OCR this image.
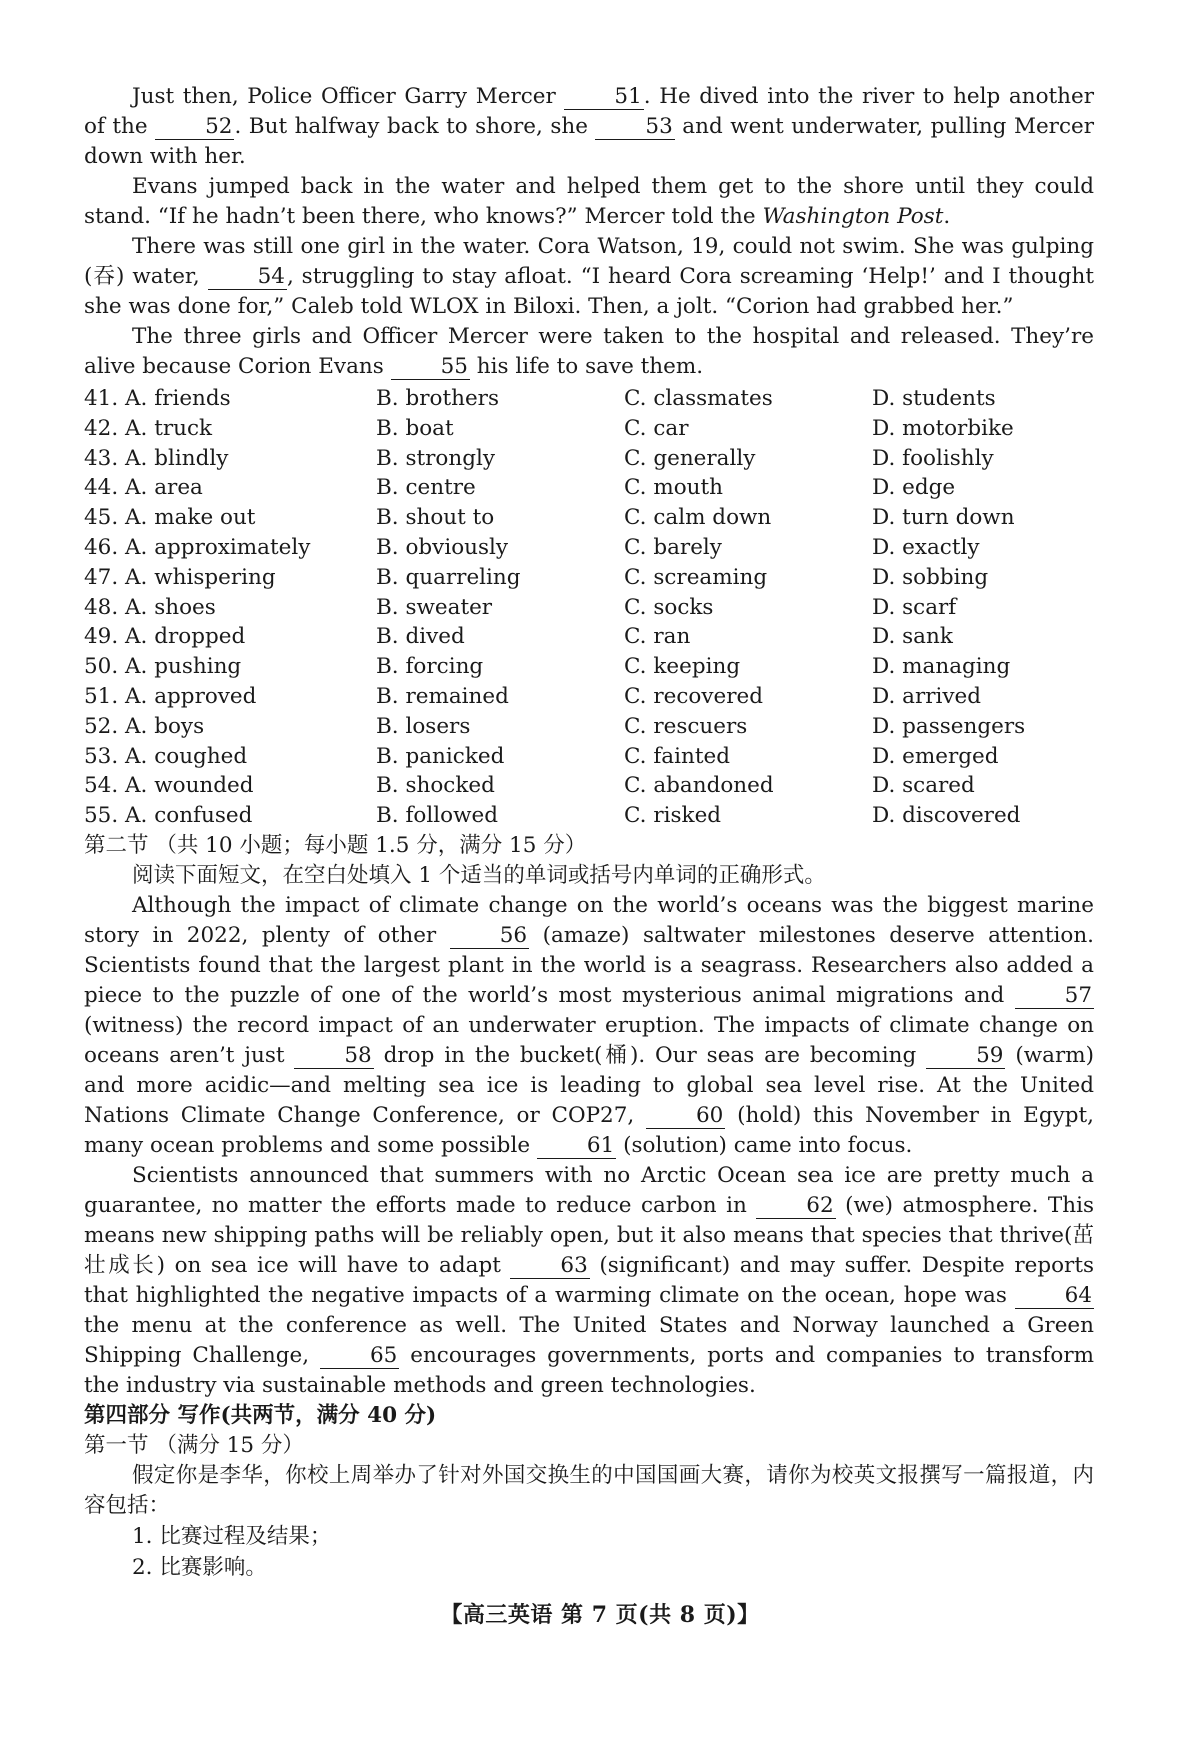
Just then, Police Officer Garry Mercer 51. He dived into the river to help another of the 52. But halfway back to shore, she 53 and went underwater, pulling Mercer down with her.

Evans jumped back in the water and helped them get to the shore until they could stand. “If he hadn’t been there, who knows?” Mercer told the Washington Post.

There was still one girl in the water. Cora Watson, 19, could not swim. She was gulping (吞) water, 54, struggling to stay afloat. “I heard Cora screaming ‘Help!’ and I thought she was done for,” Caleb told WLOX in Biloxi. Then, a jolt. “Corion had grabbed her.”

The three girls and Officer Mercer were taken to the hospital and released. They’re alive because Corion Evans 55 his life to save them.

41. A. friends	B. brothers	C. classmates	D. students
42. A. truck	B. boat	C. car	D. motorbike
43. A. blindly	B. strongly	C. generally	D. foolishly
44. A. area	B. centre	C. mouth	D. edge
45. A. make out	B. shout to	C. calm down	D. turn down
46. A. approximately	B. obviously	C. barely	D. exactly
47. A. whispering	B. quarreling	C. screaming	D. sobbing
48. A. shoes	B. sweater	C. socks	D. scarf
49. A. dropped	B. dived	C. ran	D. sank
50. A. pushing	B. forcing	C. keeping	D. managing
51. A. approved	B. remained	C. recovered	D. arrived
52. A. boys	B. losers	C. rescuers	D. passengers
53. A. coughed	B. panicked	C. fainted	D. emerged
54. A. wounded	B. shocked	C. abandoned	D. scared
55. A. confused	B. followed	C. risked	D. discovered

第二节 （共 10 小题；每小题 1.5 分，满分 15 分）

阅读下面短文，在空白处填入 1 个适当的单词或括号内单词的正确形式。

Although the impact of climate change on the world’s oceans was the biggest marine story in 2022, plenty of other 56 (amaze) saltwater milestones deserve attention. Scientists found that the largest plant in the world is a seagrass. Researchers also added a piece to the puzzle of one of the world’s most mysterious animal migrations and 57 (witness) the record impact of an underwater eruption. The impacts of climate change on oceans aren’t just 58 drop in the bucket(桶). Our seas are becoming 59 (warm) and more acidic—and melting sea ice is leading to global sea level rise. At the United Nations Climate Change Conference, or COP27, 60 (hold) this November in Egypt, many ocean problems and some possible 61 (solution) came into focus.

Scientists announced that summers with no Arctic Ocean sea ice are pretty much a guarantee, no matter the efforts made to reduce carbon in 62 (we) atmosphere. This means new shipping paths will be reliably open, but it also means that species that thrive(茁壮成长) on sea ice will have to adapt 63 (significant) and may suffer. Despite reports that highlighted the negative impacts of a warming climate on the ocean, hope was 64 the menu at the conference as well. The United States and Norway launched a Green Shipping Challenge, 65 encourages governments, ports and companies to transform the industry via sustainable methods and green technologies.

第四部分 写作(共两节，满分 40 分)

第一节 （满分 15 分）

假定你是李华，你校上周举办了针对外国交换生的中国国画大赛，请你为校英文报撰写一篇报道，内容包括：

1. 比赛过程及结果；

2. 比赛影响。

【高三英语 第 7 页(共 8 页)】
